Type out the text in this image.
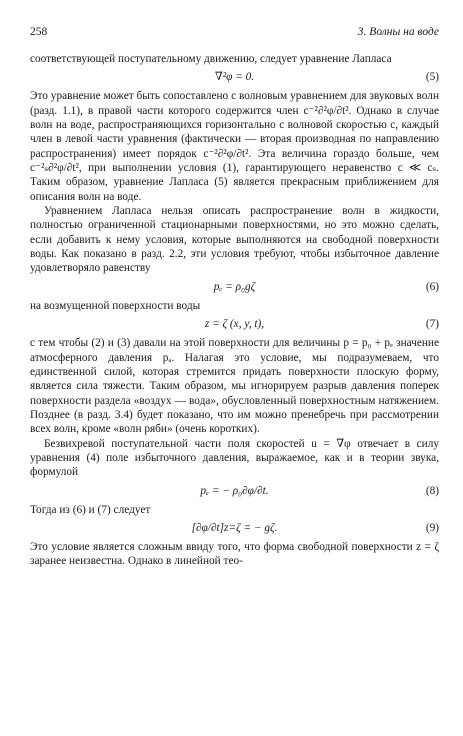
258	3. Волны на воде

соответствующей поступательному движению, следует уравнение Лапласа

∇²φ = 0.	(5)

Это уравнение может быть сопоставлено с волновым уравнением для звуковых волн (разд. 1.1), в правой части которого содержится член c⁻²∂²φ/∂t². Однако в случае волн на воде, распространяющихся горизонтально с волновой скоростью c, каждый член в левой части уравнения (фактически — вторая производная по направлению распространения) имеет порядок c⁻²∂²φ/∂t². Эта величина гораздо больше, чем c⁻²ₛ∂²φ/∂t², при выполнении условия (1), гарантирующего неравенство c ≪ cₛ. Таким образом, уравнение Лапласа (5) является прекрасным приближением для описания волн на воде.

Уравнением Лапласа нельзя описать распространение волн в жидкости, полностью ограниченной стационарными поверхностями, но это можно сделать, если добавить к нему условия, которые выполняются на свободной поверхности воды. Как показано в разд. 2.2, эти условия требуют, чтобы избыточное давление удовлетворяло равенству

pₑ = ρ₀gζ	(6)

на возмущенной поверхности воды

z = ζ (x, y, t),	(7)

с тем чтобы (2) и (3) давали на этой поверхности для величины p = p₀ + pₑ значение атмосферного давления pₐ. Налагая это условие, мы подразумеваем, что единственной силой, которая стремится придать поверхности плоскую форму, является сила тяжести. Таким образом, мы игнорируем разрыв давления поперек поверхности раздела «воздух — вода», обусловленный поверхностным натяжением. Позднее (в разд. 3.4) будет показано, что им можно пренебречь при рассмотрении всех волн, кроме «волн ряби» (очень коротких).

Безвихревой поступательной части поля скоростей u = ∇φ отвечает в силу уравнения (4) поле избыточного давления, выражаемое, как и в теории звука, формулой

pₑ = − ρ₀∂φ/∂t.	(8)

Тогда из (6) и (7) следует

[∂φ/∂t]z=ζ = − gζ.	(9)

Это условие является сложным ввиду того, что форма свободной поверхности z = ζ заранее неизвестна. Однако в линейной тео-
